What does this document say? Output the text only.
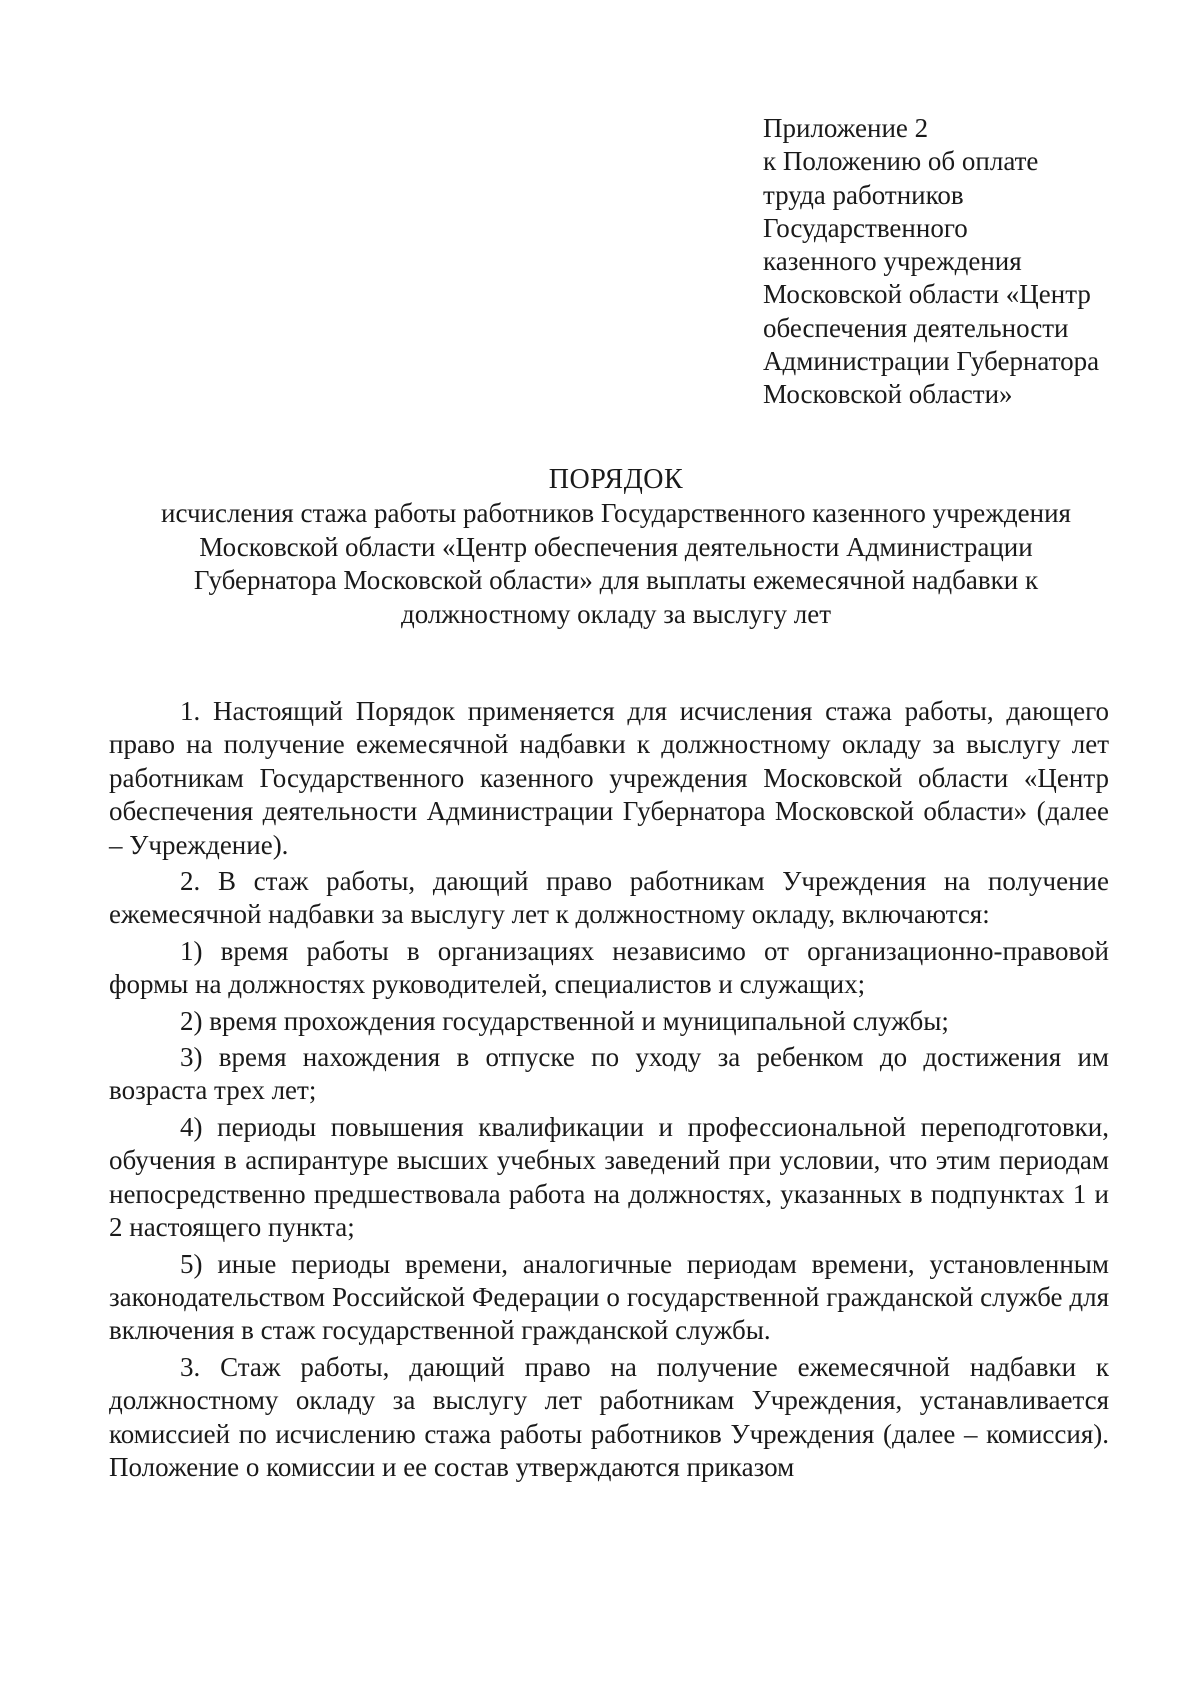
Приложение 2
к Положению об оплате
труда работников
Государственного
казенного учреждения
Московской области «Центр
обеспечения деятельности
Администрации Губернатора
Московской области»
ПОРЯДОК
исчисления стажа работы работников Государственного казенного учреждения
Московской области «Центр обеспечения деятельности Администрации
Губернатора Московской области» для выплаты ежемесячной надбавки к
должностному окладу за выслугу лет

1. Настоящий Порядок применяется для исчисления стажа работы, дающего право на получение ежемесячной надбавки к должностному окладу за выслугу лет работникам Государственного казенного учреждения Московской области «Центр обеспечения деятельности Администрации Губернатора Московской области» (далее – Учреждение).

2. В стаж работы, дающий право работникам Учреждения на получение ежемесячной надбавки за выслугу лет к должностному окладу, включаются:

1) время работы в организациях независимо от организационно-правовой формы на должностях руководителей, специалистов и служащих;

2) время прохождения государственной и муниципальной службы;

3) время нахождения в отпуске по уходу за ребенком до достижения им возраста трех лет;

4) периоды повышения квалификации и профессиональной переподготовки, обучения в аспирантуре высших учебных заведений при условии, что этим периодам непосредственно предшествовала работа на должностях, указанных в подпунктах 1 и 2 настоящего пункта;

5) иные периоды времени, аналогичные периодам времени, установленным законодательством Российской Федерации о государственной гражданской службе для включения в стаж государственной гражданской службы.

3. Стаж работы, дающий право на получение ежемесячной надбавки к должностному окладу за выслугу лет работникам Учреждения, устанавливается комиссией по исчислению стажа работы работников Учреждения (далее – комиссия). Положение о комиссии и ее состав утверждаются приказом
